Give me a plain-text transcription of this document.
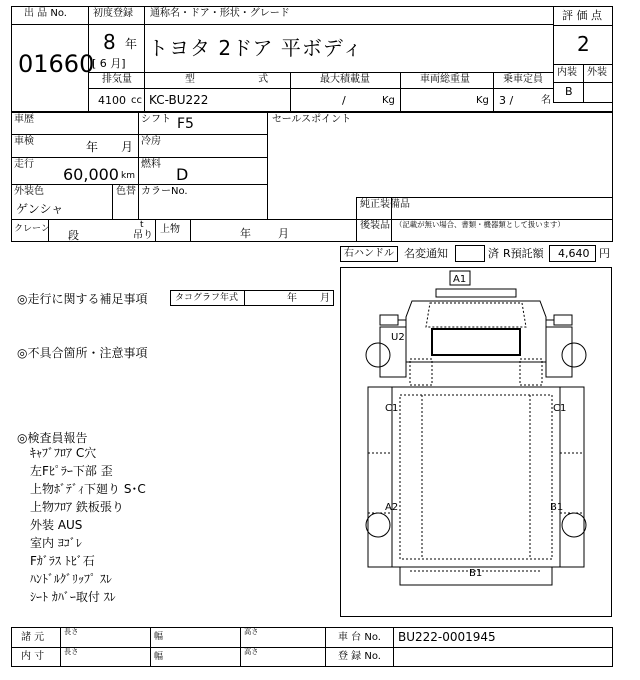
出 品 No.
01660
初度登録
8 年
[ 6 月]
通称名・ドア・形状・グレード
トヨタ 2ドア 平ボディ
評 価 点
2
内装 外装
B
排気量
4100 cc
型 式
KC-BU222
最大積載量
/	Kg
車両総重量
Kg
乗車定員
3 /	名
車歴	シフト F5	セールスポイント
車検	年 月 冷房
走行
60,000 km
燃料
D
外装色
ゲンシャ
色替 カラーNo.
純正装備品
後装品 （記載が無い場合、書類・機器類として扱います）
クレーン 段
t
吊り
上物	年 月
右ハンドル 名変通知	済 R預託額 4,640 円
◎走行に関する補足事項	タコグラフ年式	年 月
◎不具合箇所・注意事項
◎検査員報告
ｷｬﾌﾞﾌﾛｱ C穴
左Fﾋﾟﾗｰ下部 歪
上物ﾎﾞﾃﾞｨ下廻り S･C
上物ﾌﾛｱ 鉄板張り
外装 AUS
室内 ﾖｺﾞﾚ
Fｶﾞﾗｽ ﾄﾋﾞ石
ﾊﾝﾄﾞﾙｸﾞﾘｯﾌﾟ ｽﾚ
ｼｰﾄ ｶﾊﾞｰ取付 ｽﾚ
A1
U2
C1	C1
A2	B1
B1
諸 元 長さ	幅	高さ	車 台 No. BU222-0001945
内 寸 長さ	幅	高さ	登 録 No.
